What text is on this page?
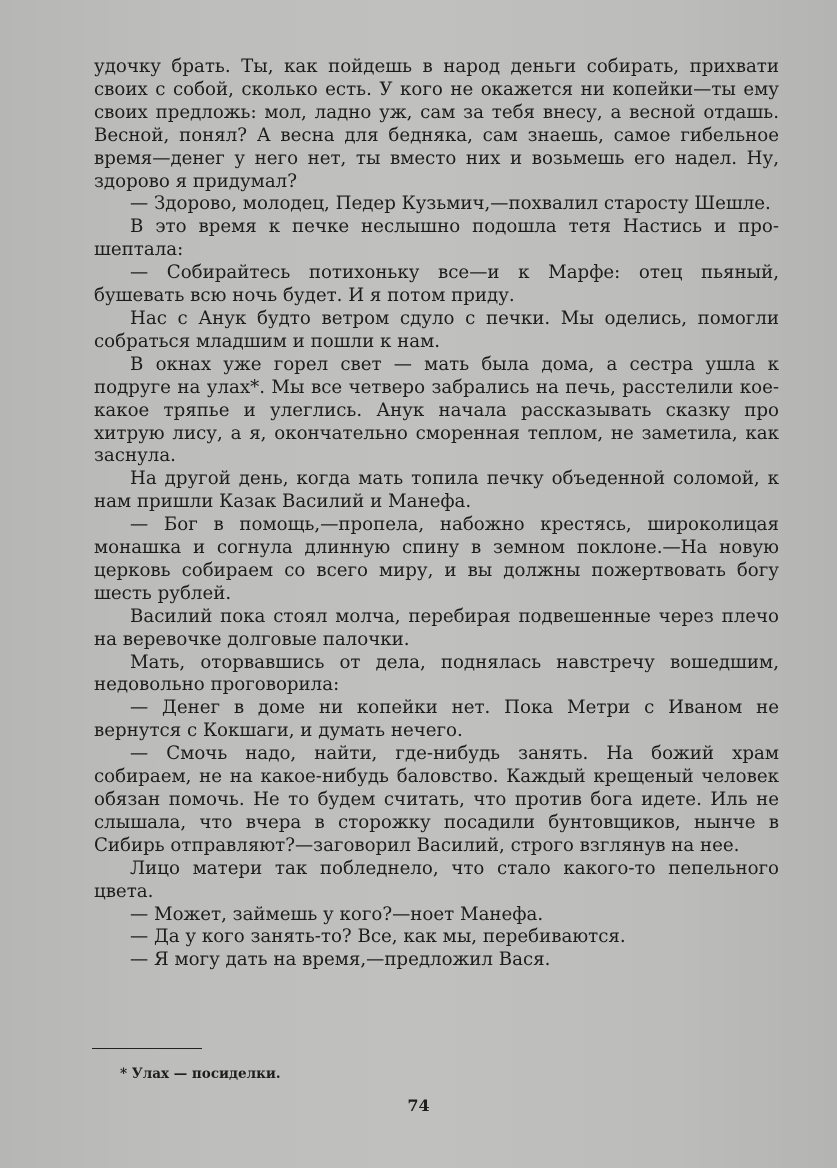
удочку брать. Ты, как пойдешь в народ деньги собирать, прихвати своих с собой, сколько есть. У кого не окажется ни копейки—ты ему своих предложь: мол, ладно уж, сам за тебя внесу, а весной отдашь. Весной, понял? А весна для бедняка, сам знаешь, самое гибельное время—денег у него нет, ты вместо них и возьмешь его надел. Ну, здорово я придумал?

— Здорово, молодец, Педер Кузьмич,—похвалил старосту Шешле.

В это время к печке неслышно подошла тетя Настись и прошептала:

— Собирайтесь потихоньку все—и к Марфе: отец пьяный, бушевать всю ночь будет. И я потом приду.

Нас с Анук будто ветром сдуло с печки. Мы оделись, помогли собраться младшим и пошли к нам.

В окнах уже горел свет — мать была дома, а сестра ушла к подруге на улах*. Мы все четверо забрались на печь, расстелили кое-какое тряпье и улеглись. Анук начала рассказывать сказку про хитрую лису, а я, окончательно сморенная теплом, не заметила, как заснула.

На другой день, когда мать топила печку объеденной соломой, к нам пришли Казак Василий и Манефа.

— Бог в помощь,—пропела, набожно крестясь, широколицая монашка и согнула длинную спину в земном поклоне.—На новую церковь собираем со всего миру, и вы должны пожертвовать богу шесть рублей.

Василий пока стоял молча, перебирая подвешенные через плечо на веревочке долговые палочки.

Мать, оторвавшись от дела, поднялась навстречу вошедшим, недовольно проговорила:

— Денег в доме ни копейки нет. Пока Метри с Иваном не вернутся с Кокшаги, и думать нечего.

— Смочь надо, найти, где-нибудь занять. На божий храм собираем, не на какое-нибудь баловство. Каждый крещеный человек обязан помочь. Не то будем считать, что против бога идете. Иль не слышала, что вчера в сторожку посадили бунтовщиков, нынче в Сибирь отправляют?—заговорил Василий, строго взглянув на нее.

Лицо матери так побледнело, что стало какого-то пепельного цвета.

— Может, займешь у кого?—ноет Манефа.

— Да у кого занять-то? Все, как мы, перебиваются.

— Я могу дать на время,—предложил Вася.

* Улах — посиделки.
74
